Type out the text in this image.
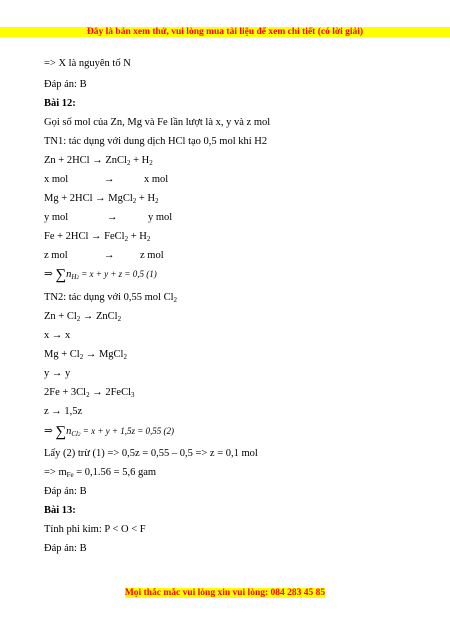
Đây là bản xem thử, vui lòng mua tài liệu để xem chi tiết (có lời giải)
=> X là nguyên tố N
Đáp án: B
Bài 12:
Gọi số mol của Zn, Mg và Fe lần lượt là x, y và z mol
TN1: tác dụng với dung dịch HCl tạo 0,5 mol khí H2
Zn + 2HCl → ZnCl$_2$ + $H_2$
x mol	→	x mol
Mg + 2HCl → MgCl$_2$ + $H_2$
y mol	→	y mol
Fe + 2HCl → FeCl$_2$ + $H_2$
z mol	→ z mol
⇒ $\sum n_{H2} = x + y + z = 0,5$ (1)
TN2: tác dụng với 0,55 mol $Cl_2$
$Zn + Cl_2$ → ZnCl$_2$
x → x
$Mg + Cl_2$ → MgCl$_2$
y → y
$2Fe + 3Cl_2$ → 2FeCl$_3$
z → 1,5z
⇒ $\sum n_{Cl2} = x + y + 1,5z = 0,55$ (2)
Lấy (2) trừ (1) => 0,5z = 0,55 – 0,5 => z = 0,1 mol
=> $m_{Fe} = 0,1.56 = 5,6$ gam
Đáp án: B
Bài 13:
Tính phi kim: P < O < F
Đáp án: B
Mọi thắc mắc vui lòng xin vui lòng: 084 283 45 85
